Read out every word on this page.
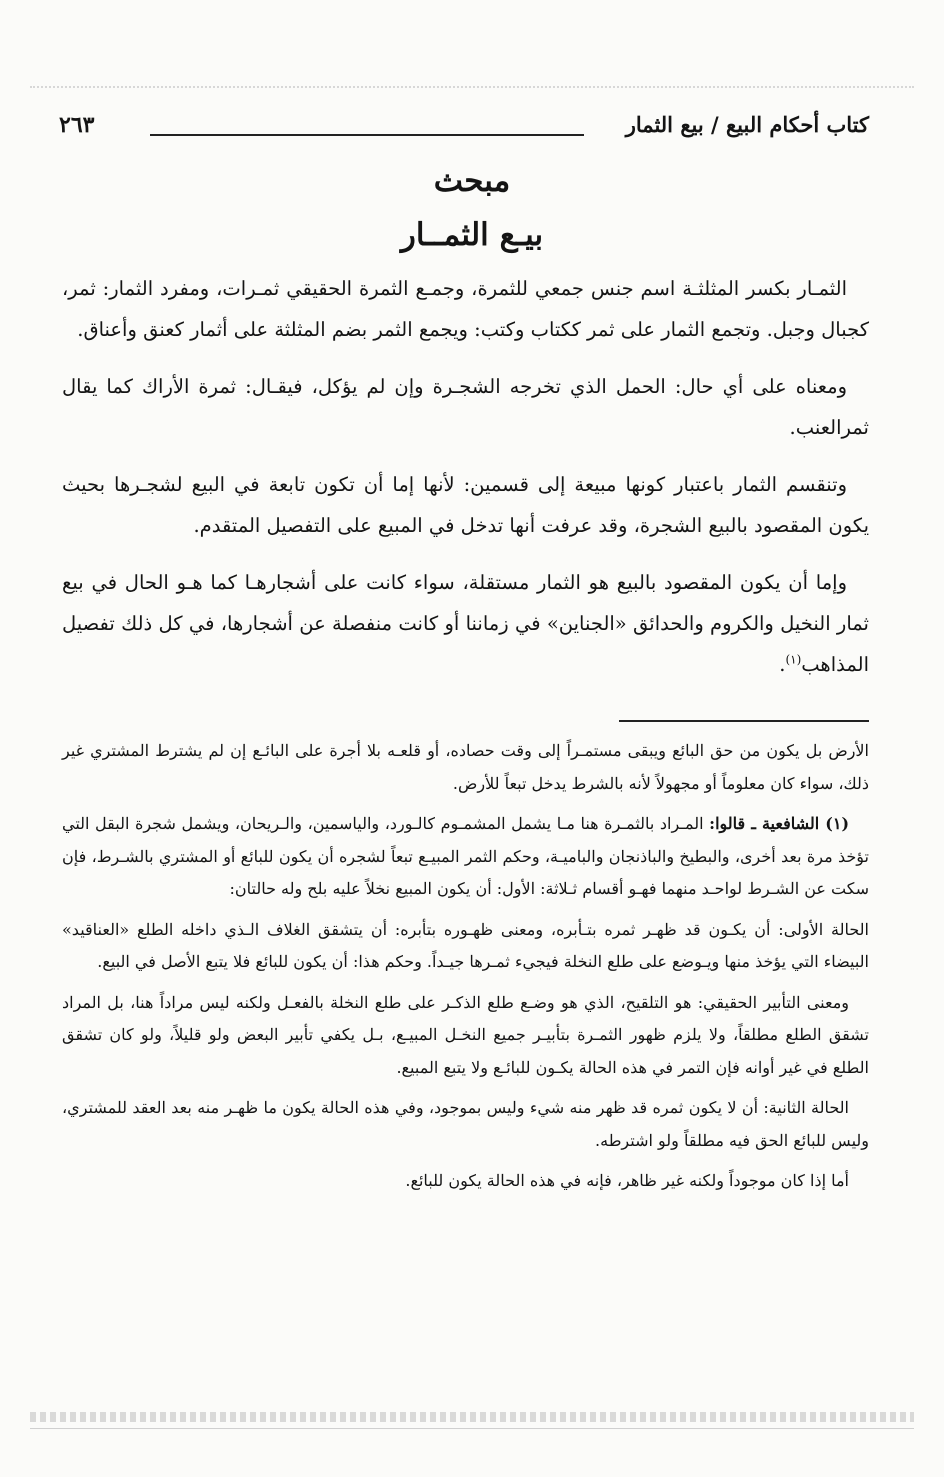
كتاب أحكام البيع / بيع الثمار
٢٦٣
مبحث
بيـع الثمــار

الثمـار بكسر المثلثـة اسم جنس جمعي للثمرة، وجمـع الثمرة الحقيقي ثمـرات، ومفرد الثمار: ثمر، كجبال وجبل. وتجمع الثمار على ثمر ككتاب وكتب: ويجمع الثمر بضم المثلثة على أثمار كعنق وأعناق.

ومعناه على أي حال: الحمل الذي تخرجه الشجـرة وإن لم يؤكل، فيقـال: ثمرة الأراك كما يقال ثمرالعنب.

وتنقسم الثمار باعتبار كونها مبيعة إلى قسمين: لأنها إما أن تكون تابعة في البيع لشجـرها بحيث يكون المقصود بالبيع الشجرة، وقد عرفت أنها تدخل في المبيع على التفصيل المتقدم.

وإما أن يكون المقصود بالبيع هو الثمار مستقلة، سواء كانت على أشجارهـا كما هـو الحال في بيع ثمار النخيل والكروم والحدائق «الجناين» في زماننا أو كانت منفصلة عن أشجارها، في كل ذلك تفصيل المذاهب$^{(١)}$.

الأرض بل يكون من حق البائع ويبقى مستمـراً إلى وقت حصاده، أو قلعـه بلا أجرة على البائـع إن لم يشترط المشتري غير ذلك، سواء كان معلوماً أو مجهولاً لأنه بالشرط يدخل تبعاً للأرض.

(١) الشافعية ـ قالوا: المـراد بالثمـرة هنا مـا يشمل المشمـوم كالـورد، والياسمين، والـريحان، ويشمل شجرة البقل التي تؤخذ مرة بعد أخرى، والبطيخ والباذنجان والباميـة، وحكم الثمر المبيـع تبعاً لشجره أن يكون للبائع أو المشتري بالشـرط، فإن سكت عن الشـرط لواحـد منهما فهـو أقسام ثـلاثة: الأول: أن يكون المبيع نخلاً عليه بلح وله حالتان:

الحالة الأولى: أن يكـون قد ظهـر ثمره بتـأبره، ومعنى ظهـوره بتأبره: أن يتشقق الغلاف الـذي داخله الطلع «العناقيد» البيضاء التي يؤخذ منها ويـوضع على طلع النخلة فيجيء ثمـرها جيـداً. وحكم هذا: أن يكون للبائع فلا يتبع الأصل في البيع.

ومعنى التأبير الحقيقي: هو التلقيح، الذي هو وضـع طلع الذكـر على طلع النخلة بالفعـل ولكنه ليس مراداً هنا، بل المراد تشقق الطلع مطلقاً، ولا يلزم ظهور الثمـرة بتأبيـر جميع النخـل المبيـع، بـل يكفي تأبير البعض ولو قليلاً، ولو كان تشقق الطلع في غير أوانه فإن التمر في هذه الحالة يكـون للبائـع ولا يتبع المبيع.

الحالة الثانية: أن لا يكون ثمره قد ظهر منه شيء وليس بموجود، وفي هذه الحالة يكون ما ظهـر منه بعد العقد للمشتري، وليس للبائع الحق فيه مطلقاً ولو اشترطه.

أما إذا كان موجوداً ولكنه غير ظاهر، فإنه في هذه الحالة يكون للبائع.
